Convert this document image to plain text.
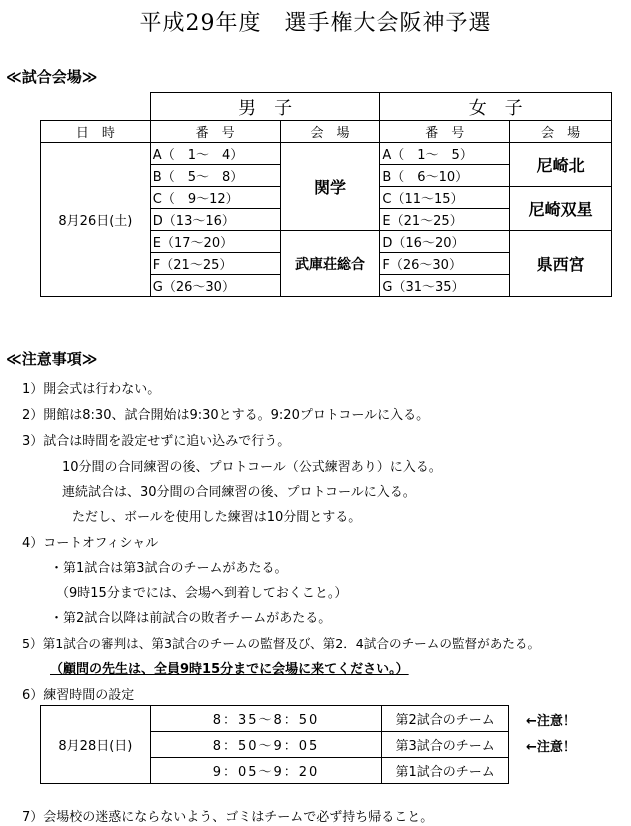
平成29年度　選手権大会阪神予選
≪試合会場≫
	男　子		女　子	
日　時	番　号	会　場	番　号	会　場
8月26日(土)	A（　1～　4）	関学	A（　1～　5）	尼崎北
	B（　5～　8）		B（　6～10）	
	C（　9～12）		C（11～15）	尼崎双星
	D（13～16）		E（21～25）	
	E（17～20）	武庫荘総合	D（16～20）	県西宮
	F（21～25）		F（26～30）	
	G（26～30）		G（31～35）	
≪注意事項≫
1）開会式は行わない。
2）開館は8:30、試合開始は9:30とする。9:20プロトコールに入る。
3）試合は時間を設定せずに追い込みで行う。
10分間の合同練習の後、プロトコール（公式練習あり）に入る。
連続試合は、30分間の合同練習の後、プロトコールに入る。
ただし、ボールを使用した練習は10分間とする。
4）コートオフィシャル
・第1試合は第3試合のチームがあたる。
（9時15分までには、会場へ到着しておくこと。）
・第2試合以降は前試合の敗者チームがあたる。
5）第1試合の審判は、第3試合のチームの監督及び、第2．4試合のチームの監督があたる。
（顧問の先生は、全員9時15分までに会場に来てください。）
6）練習時間の設定
8月28日(日)	8：35～8：50	第2試合のチーム
	8：50～9：05	第3試合のチーム
	9：05～9：20	第1試合のチーム
←注意！
←注意！
7）会場校の迷惑にならないよう、ゴミはチームで必ず持ち帰ること。
